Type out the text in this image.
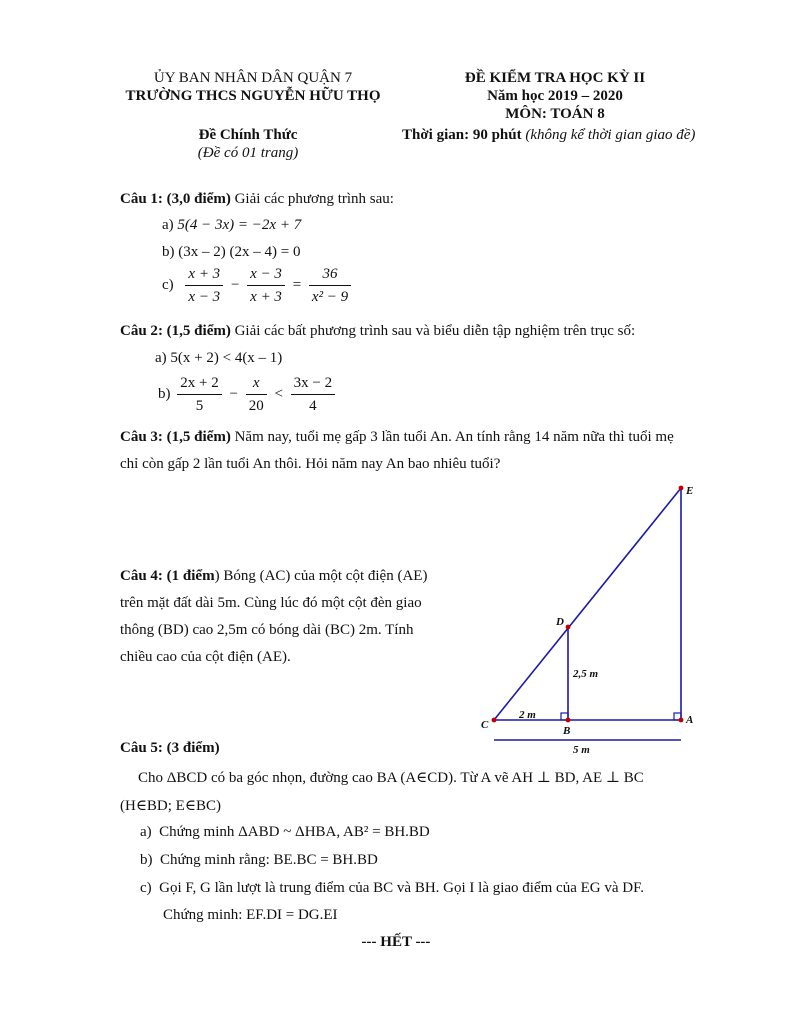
ỦY BAN NHÂN DÂN QUẬN 7
TRƯỜNG THCS NGUYỄN HỮU THỌ
ĐỀ KIỂM TRA HỌC KỲ II
Năm học 2019 – 2020
MÔN: TOÁN 8
Đề Chính Thức
(Đề có 01 trang)
Thời gian: 90 phút (không kể thời gian giao đề)
Câu 1: (3,0 điểm) Giải các phương trình sau:
a) 5(4 − 3x) = −2x + 7
b) (3x – 2) (2x – 4) = 0
$c) \frac{x + 3}{x - 3} - \frac{x - 3}{x + 3} = \frac{36}{\text{x² − 9}}$
Câu 2: (1,5 điểm) Giải các bất phương trình sau và biểu diễn tập nghiệm trên trục số:
a) 5(x + 2) < 4(x – 1)
$b) \frac{2x + 2}{5} - \frac{x}{20} < \frac{3x - 2}{4}$
Câu 3: (1,5 điểm) Năm nay, tuổi mẹ gấp 3 lần tuổi An. An tính rằng 14 năm nữa thì tuổi mẹ
chỉ còn gấp 2 lần tuổi An thôi. Hỏi năm nay An bao nhiêu tuổi?
Câu 4: (1 điểm) Bóng (AC) của một cột điện (AE)
trên mặt đất dài 5m. Cùng lúc đó một cột đèn giao
thông (BD) cao 2,5m có bóng dài (BC) 2m. Tính
chiều cao của cột điện (AE).
E
D
C	B
A
2,5 m
2 m
5 m
Câu 5: (3 điểm)
Cho ΔBCD có ba góc nhọn, đường cao BA (A∈CD). Từ A vẽ AH ⊥ BD, AE ⊥ BC
(H∈BD; E∈BC)
a) Chứng minh ΔABD ~ ΔHBA, AB² = BH.BD
b) Chứng minh rằng: BE.BC = BH.BD
c) Gọi F, G lần lượt là trung điểm của BC và BH. Gọi I là giao điểm của EG và DF.
Chứng minh: EF.DI = DG.EI
--- HẾT ---
